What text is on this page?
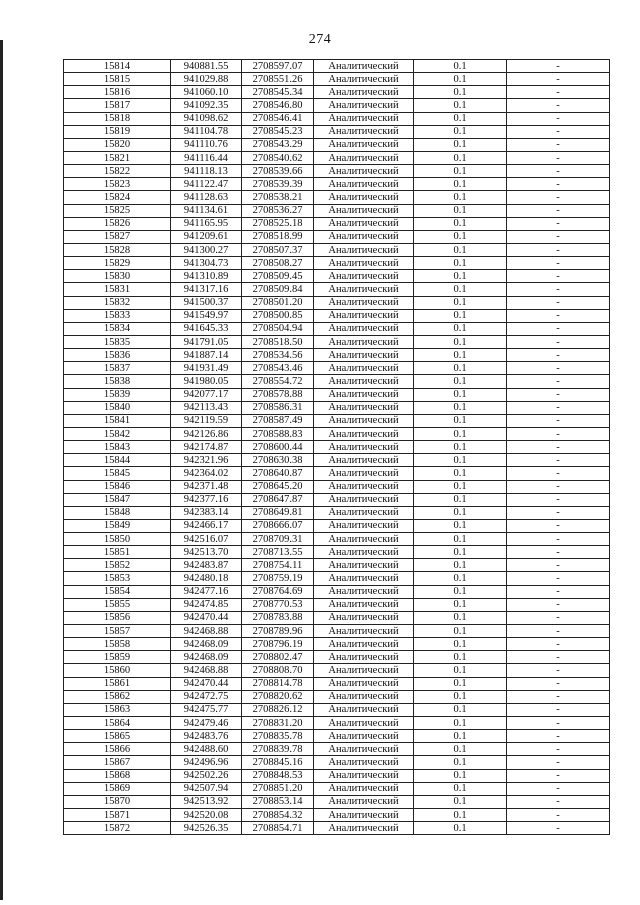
274
15814	940881.55	2708597.07	Аналитический	0.1	-
15815	941029.88	2708551.26	Аналитический	0.1	-
15816	941060.10	2708545.34	Аналитический	0.1	-
15817	941092.35	2708546.80	Аналитический	0.1	-
15818	941098.62	2708546.41	Аналитический	0.1	-
15819	941104.78	2708545.23	Аналитический	0.1	-
15820	941110.76	2708543.29	Аналитический	0.1	-
15821	941116.44	2708540.62	Аналитический	0.1	-
15822	941118.13	2708539.66	Аналитический	0.1	-
15823	941122.47	2708539.39	Аналитический	0.1	-
15824	941128.63	2708538.21	Аналитический	0.1	-
15825	941134.61	2708536.27	Аналитический	0.1	-
15826	941165.95	2708525.18	Аналитический	0.1	-
15827	941209.61	2708518.99	Аналитический	0.1	-
15828	941300.27	2708507.37	Аналитический	0.1	-
15829	941304.73	2708508.27	Аналитический	0.1	-
15830	941310.89	2708509.45	Аналитический	0.1	-
15831	941317.16	2708509.84	Аналитический	0.1	-
15832	941500.37	2708501.20	Аналитический	0.1	-
15833	941549.97	2708500.85	Аналитический	0.1	-
15834	941645.33	2708504.94	Аналитический	0.1	-
15835	941791.05	2708518.50	Аналитический	0.1	-
15836	941887.14	2708534.56	Аналитический	0.1	-
15837	941931.49	2708543.46	Аналитический	0.1	-
15838	941980.05	2708554.72	Аналитический	0.1	-
15839	942077.17	2708578.88	Аналитический	0.1	-
15840	942113.43	2708586.31	Аналитический	0.1	-
15841	942119.59	2708587.49	Аналитический	0.1	-
15842	942126.86	2708588.83	Аналитический	0.1	-
15843	942174.87	2708600.44	Аналитический	0.1	-
15844	942321.96	2708630.38	Аналитический	0.1	-
15845	942364.02	2708640.87	Аналитический	0.1	-
15846	942371.48	2708645.20	Аналитический	0.1	-
15847	942377.16	2708647.87	Аналитический	0.1	-
15848	942383.14	2708649.81	Аналитический	0.1	-
15849	942466.17	2708666.07	Аналитический	0.1	-
15850	942516.07	2708709.31	Аналитический	0.1	-
15851	942513.70	2708713.55	Аналитический	0.1	-
15852	942483.87	2708754.11	Аналитический	0.1	-
15853	942480.18	2708759.19	Аналитический	0.1	-
15854	942477.16	2708764.69	Аналитический	0.1	-
15855	942474.85	2708770.53	Аналитический	0.1	-
15856	942470.44	2708783.88	Аналитический	0.1	-
15857	942468.88	2708789.96	Аналитический	0.1	-
15858	942468.09	2708796.19	Аналитический	0.1	-
15859	942468.09	2708802.47	Аналитический	0.1	-
15860	942468.88	2708808.70	Аналитический	0.1	-
15861	942470.44	2708814.78	Аналитический	0.1	-
15862	942472.75	2708820.62	Аналитический	0.1	-
15863	942475.77	2708826.12	Аналитический	0.1	-
15864	942479.46	2708831.20	Аналитический	0.1	-
15865	942483.76	2708835.78	Аналитический	0.1	-
15866	942488.60	2708839.78	Аналитический	0.1	-
15867	942496.96	2708845.16	Аналитический	0.1	-
15868	942502.26	2708848.53	Аналитический	0.1	-
15869	942507.94	2708851.20	Аналитический	0.1	-
15870	942513.92	2708853.14	Аналитический	0.1	-
15871	942520.08	2708854.32	Аналитический	0.1	-
15872	942526.35	2708854.71	Аналитический	0.1	-
